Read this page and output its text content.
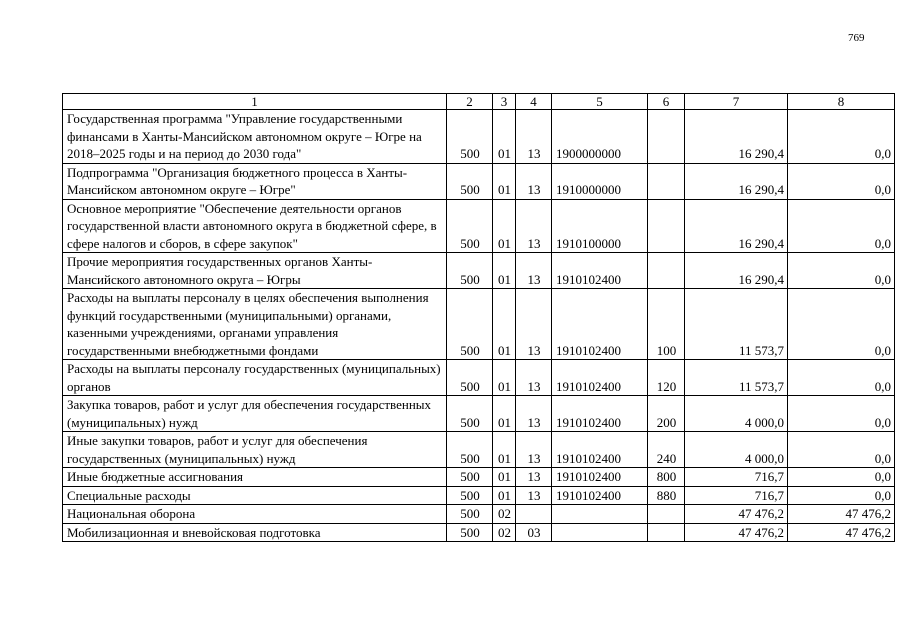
769
1	2	3	4	5	6	7	8
Государственная программа "Управление государственными финансами в Ханты-Мансийском автономном округе – Югре на 2018–2025 годы и на период до 2030 года"	500	01	13	1900000000		16 290,4	0,0
Подпрограмма "Организация бюджетного процесса в Ханты-Мансийском автономном округе – Югре"	500	01	13	1910000000		16 290,4	0,0
Основное мероприятие "Обеспечение деятельности органов государственной власти автономного округа в бюджетной сфере, в сфере налогов и сборов, в сфере закупок"	500	01	13	1910100000		16 290,4	0,0
Прочие мероприятия государственных органов Ханты-Мансийского автономного округа – Югры	500	01	13	1910102400		16 290,4	0,0
Расходы на выплаты персоналу в целях обеспечения выполнения функций государственными (муниципальными) органами, казенными учреждениями, органами управления государственными внебюджетными фондами	500	01	13	1910102400	100	11 573,7	0,0
Расходы на выплаты персоналу государственных (муниципальных) органов	500	01	13	1910102400	120	11 573,7	0,0
Закупка товаров, работ и услуг для обеспечения государственных (муниципальных) нужд	500	01	13	1910102400	200	4 000,0	0,0
Иные закупки товаров, работ и услуг для обеспечения государственных (муниципальных) нужд	500	01	13	1910102400	240	4 000,0	0,0
Иные бюджетные ассигнования	500	01	13	1910102400	800	716,7	0,0
Специальные расходы	500	01	13	1910102400	880	716,7	0,0
Национальная оборона	500	02				47 476,2	47 476,2
Мобилизационная и вневойсковая подготовка	500	02	03			47 476,2	47 476,2
